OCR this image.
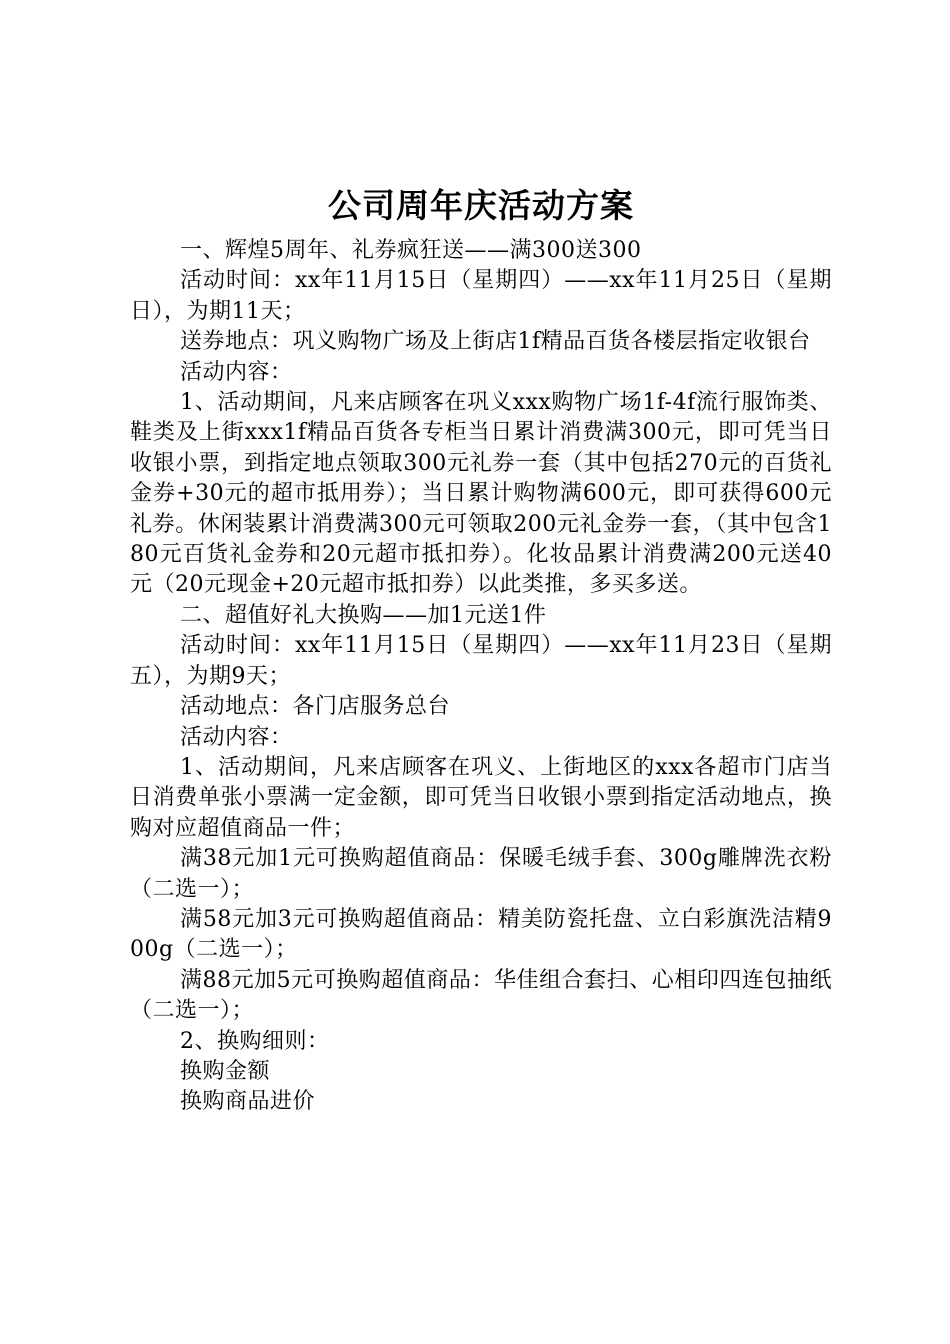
公司周年庆活动方案

一、辉煌5周年、礼券疯狂送——满300送300

活动时间：xx年11月15日（星期四）——xx年11月25日（星期日），为期11天；

送券地点：巩义购物广场及上街店1f精品百货各楼层指定收银台

活动内容：

1、活动期间，凡来店顾客在巩义xxx购物广场1f-4f流行服饰类、鞋类及上街xxx1f精品百货各专柜当日累计消费满300元，即可凭当日收银小票，到指定地点领取300元礼券一套（其中包括270元的百货礼金券+30元的超市抵用券）；当日累计购物满600元，即可获得600元礼券。休闲装累计消费满300元可领取200元礼金券一套，（其中包含180元百货礼金券和20元超市抵扣券）。化妆品累计消费满200元送40元（20元现金+20元超市抵扣券）以此类推，多买多送。

二、超值好礼大换购——加1元送1件

活动时间：xx年11月15日（星期四）——xx年11月23日（星期五），为期9天；

活动地点：各门店服务总台

活动内容：

1、活动期间，凡来店顾客在巩义、上街地区的xxx各超市门店当日消费单张小票满一定金额，即可凭当日收银小票到指定活动地点，换购对应超值商品一件；

满38元加1元可换购超值商品：保暖毛绒手套、300g雕牌洗衣粉（二选一）；

满58元加3元可换购超值商品：精美防瓷托盘、立白彩旗洗洁精900g（二选一）；

满88元加5元可换购超值商品：华佳组合套扫、心相印四连包抽纸（二选一）；

2、换购细则：

换购金额

换购商品进价
